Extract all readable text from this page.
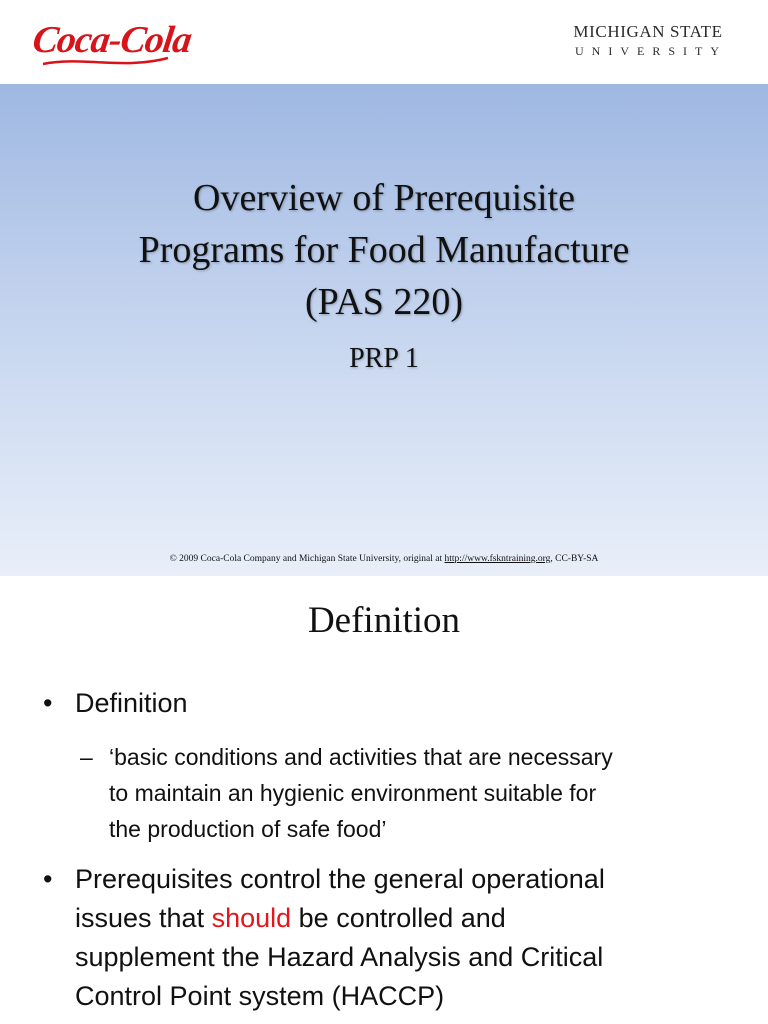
Coca-Cola	MICHIGAN STATE
UNIVERSITY
Overview of Prerequisite
Programs for Food Manufacture
(PAS 220)
PRP 1
© 2009 Coca-Cola Company and Michigan State University, original at http://www.fskntraining.org, CC-BY-SA
Definition
• Definition
– ‘basic conditions and activities that are necessary
to maintain an hygienic environment suitable for
the production of safe food’
• Prerequisites control the general operational
issues that should be controlled and
supplement the Hazard Analysis and Critical
Control Point system (HACCP)
